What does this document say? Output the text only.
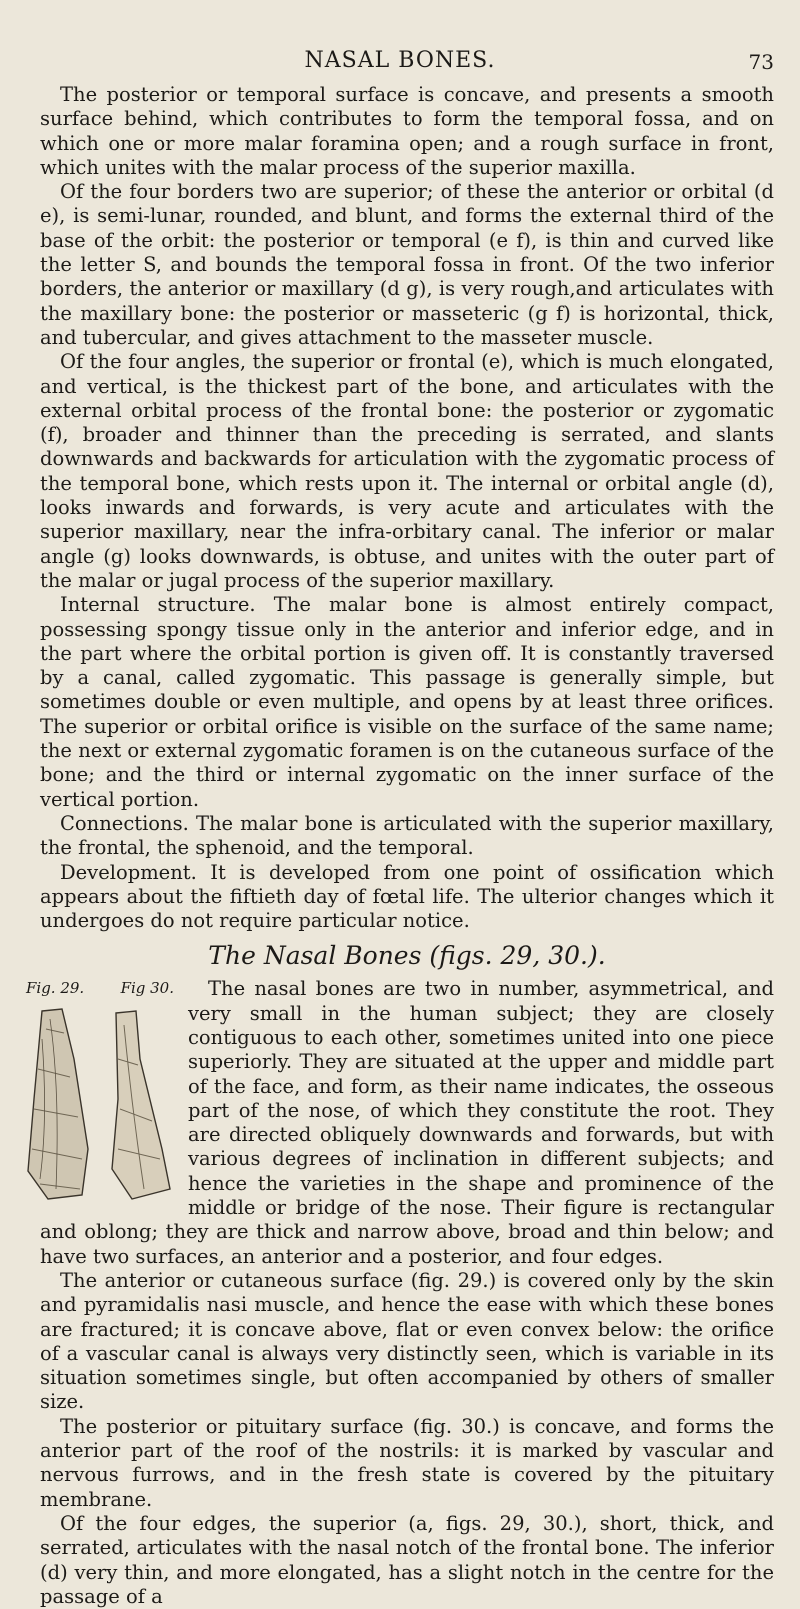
NASAL BONES.	73

The posterior or temporal surface is concave, and presents a smooth surface behind, which contributes to form the temporal fossa, and on which one or more malar foramina open; and a rough surface in front, which unites with the malar process of the superior maxilla.

Of the four borders two are superior; of these the anterior or orbital (d e), is semi-lunar, rounded, and blunt, and forms the external third of the base of the orbit: the posterior or temporal (e f), is thin and curved like the letter S, and bounds the temporal fossa in front. Of the two inferior borders, the anterior or maxillary (d g), is very rough,and articulates with the maxillary bone: the posterior or masseteric (g f) is horizontal, thick, and tubercular, and gives attachment to the masseter muscle.

Of the four angles, the superior or frontal (e), which is much elongated, and vertical, is the thickest part of the bone, and articulates with the external orbital process of the frontal bone: the posterior or zygomatic (f), broader and thinner than the preceding is serrated, and slants downwards and backwards for articulation with the zygomatic process of the temporal bone, which rests upon it. The internal or orbital angle (d), looks inwards and forwards, is very acute and articulates with the superior maxillary, near the infra-orbitary canal. The inferior or malar angle (g) looks downwards, is obtuse, and unites with the outer part of the malar or jugal process of the superior maxillary.

Internal structure. The malar bone is almost entirely compact, possessing spongy tissue only in the anterior and inferior edge, and in the part where the orbital portion is given off. It is constantly traversed by a canal, called zygomatic. This passage is generally simple, but sometimes double or even multiple, and opens by at least three orifices. The superior or orbital orifice is visible on the surface of the same name; the next or external zygomatic foramen is on the cutaneous surface of the bone; and the third or internal zygomatic on the inner surface of the vertical portion.

Connections. The malar bone is articulated with the superior maxillary, the frontal, the sphenoid, and the temporal.

Development. It is developed from one point of ossification which appears about the fiftieth day of fœtal life. The ulterior changes which it undergoes do not require particular notice.

The Nasal Bones (figs. 29, 30.).
Fig. 29. Fig 30.	The nasal bones are two in number, asymmetrical, and very small in the human subject; they are closely contiguous to each other, sometimes united into one piece superiorly. They are situated at the upper and middle part of the face, and form, as their name indicates, the osseous part of the nose, of which they constitute the root. They are directed obliquely downwards and forwards, but with various degrees of inclination in different subjects; and hence the varieties in the shape and prominence of the middle or bridge of the nose. Their figure is rectangular and oblong; they are thick and narrow above, broad and thin below; and have two surfaces, an anterior and a posterior, and four edges.

The anterior or cutaneous surface (fig. 29.) is covered only by the skin and pyramidalis nasi muscle, and hence the ease with which these bones are fractured; it is concave above, flat or even convex below: the orifice of a vascular canal is always very distinctly seen, which is variable in its situation sometimes single, but often accompanied by others of smaller size.

The posterior or pituitary surface (fig. 30.) is concave, and forms the anterior part of the roof of the nostrils: it is marked by vascular and nervous furrows, and in the fresh state is covered by the pituitary membrane.

Of the four edges, the superior (a, figs. 29, 30.), short, thick, and serrated, articulates with the nasal notch of the frontal bone. The inferior (d) very thin, and more elongated, has a slight notch in the centre for the passage of a
